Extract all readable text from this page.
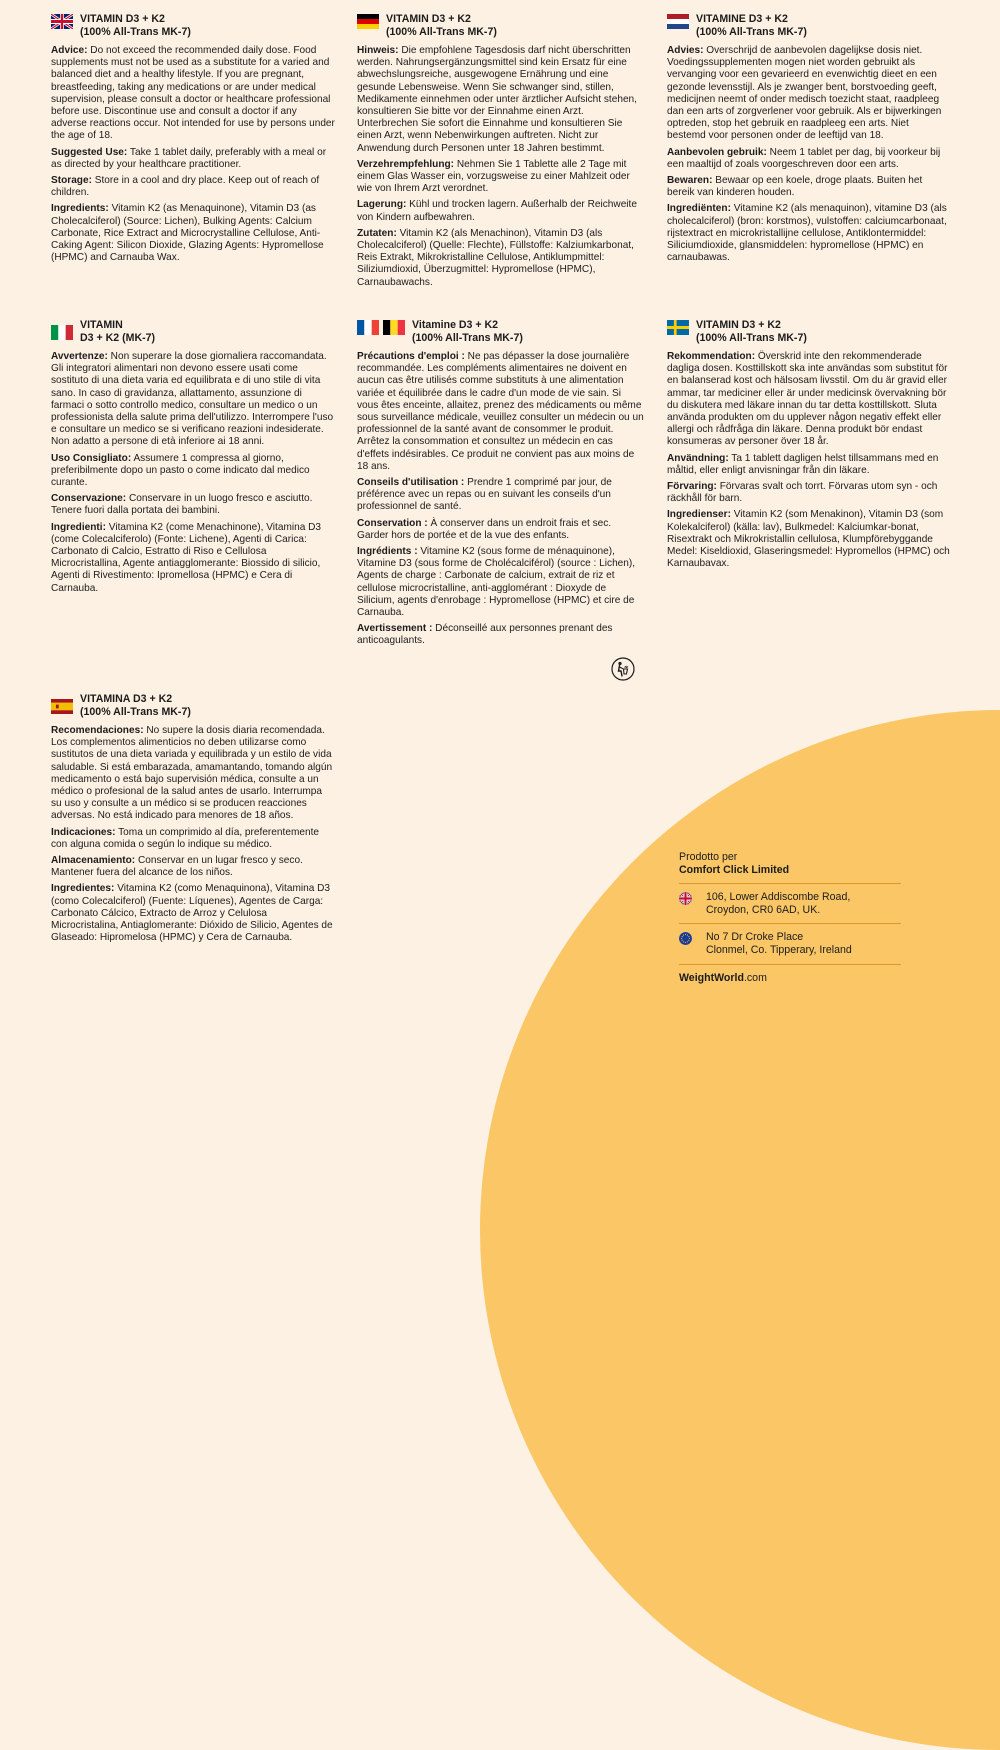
VITAMIN D3 + K2
(100% All-Trans MK-7)
Advice: Do not exceed the recommended daily dose. Food supplements must not be used as a substitute for a varied and balanced diet and a healthy lifestyle. If you are pregnant, breastfeeding, taking any medications or are under medical supervision, please consult a doctor or healthcare professional before use. Discontinue use and consult a doctor if any adverse reactions occur. Not intended for use by persons under the age of 18.
Suggested Use: Take 1 tablet daily, preferably with a meal or as directed by your healthcare practitioner.
Storage: Store in a cool and dry place. Keep out of reach of children.
Ingredients: Vitamin K2 (as Menaquinone), Vitamin D3 (as Cholecalciferol) (Source: Lichen), Bulking Agents: Calcium Carbonate, Rice Extract and Microcrystalline Cellulose, Anti-Caking Agent: Silicon Dioxide, Glazing Agents: Hypromellose (HPMC) and Carnauba Wax.
VITAMIN D3 + K2
(100% All-Trans MK-7)
Hinweis: Die empfohlene Tagesdosis darf nicht überschritten werden. Nahrungsergänzungsmittel sind kein Ersatz für eine abwechslungsreiche, ausgewogene Ernährung und eine gesunde Lebensweise. Wenn Sie schwanger sind, stillen, Medikamente einnehmen oder unter ärztlicher Aufsicht stehen, konsultieren Sie bitte vor der Einnahme einen Arzt. Unterbrechen Sie sofort die Einnahme und konsultieren Sie einen Arzt, wenn Nebenwirkungen auftreten. Nicht zur Anwendung durch Personen unter 18 Jahren bestimmt.
Verzehrempfehlung: Nehmen Sie 1 Tablette alle 2 Tage mit einem Glas Wasser ein, vorzugsweise zu einer Mahlzeit oder wie von Ihrem Arzt verordnet.
Lagerung: Kühl und trocken lagern. Außerhalb der Reichweite von Kindern aufbewahren.
Zutaten: Vitamin K2 (als Menachinon), Vitamin D3 (als Cholecalciferol) (Quelle: Flechte), Füllstoffe: Kalziumkarbonat, Reis Extrakt, Mikrokristalline Cellulose, Antiklumpmittel: Siliziumdioxid, Überzugmittel: Hypromellose (HPMC), Carnaubawachs.
VITAMINE D3 + K2
(100% All-Trans MK-7)
Advies: Overschrijd de aanbevolen dagelijkse dosis niet. Voedingssupplementen mogen niet worden gebruikt als vervanging voor een gevarieerd en evenwichtig dieet en een gezonde levensstijl. Als je zwanger bent, borstvoeding geeft, medicijnen neemt of onder medisch toezicht staat, raadpleeg dan een arts of zorgverlener voor gebruik. Als er bijwerkingen optreden, stop het gebruik en raadpleeg een arts. Niet bestemd voor personen onder de leeftijd van 18.
Aanbevolen gebruik: Neem 1 tablet per dag, bij voorkeur bij een maaltijd of zoals voorgeschreven door een arts.
Bewaren: Bewaar op een koele, droge plaats. Buiten het bereik van kinderen houden.
Ingrediënten: Vitamine K2 (als menaquinon), vitamine D3 (als cholecalciferol) (bron: korstmos), vulstoffen: calciumcarbonaat, rijstextract en microkristallijne cellulose, Antiklontermiddel: Siliciumdioxide, glansmiddelen: hypromellose (HPMC) en carnaubawas.
VITAMIN
D3 + K2 (MK-7)
Avvertenze: Non superare la dose giornaliera raccomandata. Gli integratori alimentari non devono essere usati come sostituto di una dieta varia ed equilibrata e di uno stile di vita sano. In caso di gravidanza, allattamento, assunzione di farmaci o sotto controllo medico, consultare un medico o un professionista della salute prima dell'utilizzo. Interrompere l'uso e consultare un medico se si verificano reazioni indesiderate. Non adatto a persone di età inferiore ai 18 anni.
Uso Consigliato: Assumere 1 compressa al giorno, preferibilmente dopo un pasto o come indicato dal medico curante.
Conservazione: Conservare in un luogo fresco e asciutto. Tenere fuori dalla portata dei bambini.
Ingredienti: Vitamina K2 (come Menachinone), Vitamina D3 (come Colecalciferolo) (Fonte: Lichene), Agenti di Carica: Carbonato di Calcio, Estratto di Riso e Cellulosa Microcristallina, Agente antiagglomerante: Biossido di silicio, Agenti di Rivestimento: Ipromellosa (HPMC) e Cera di Carnauba.
Vitamine D3 + K2
(100% All-Trans MK-7)
Précautions d'emploi : Ne pas dépasser la dose journalière recommandée. Les compléments alimentaires ne doivent en aucun cas être utilisés comme substituts à une alimentation variée et équilibrée dans le cadre d'un mode de vie sain. Si vous êtes enceinte, allaitez, prenez des médicaments ou même sous surveillance médicale, veuillez consulter un médecin ou un professionnel de la santé avant de consommer le produit. Arrêtez la consommation et consultez un médecin en cas d'effets indésirables. Ce produit ne convient pas aux moins de 18 ans.
Conseils d'utilisation : Prendre 1 comprimé par jour, de préférence avec un repas ou en suivant les conseils d'un professionnel de santé.
Conservation : À conserver dans un endroit frais et sec. Garder hors de portée et de la vue des enfants.
Ingrédients : Vitamine K2 (sous forme de ménaquinone), Vitamine D3 (sous forme de Cholécalciférol) (source : Lichen), Agents de charge : Carbonate de calcium, extrait de riz et cellulose microcristalline, anti-agglomérant : Dioxyde de Silicium, agents d'enrobage : Hypromellose (HPMC) et cire de Carnauba.
Avertissement : Déconseillé aux personnes prenant des anticoagulants.
VITAMIN D3 + K2
(100% All-Trans MK-7)
Rekommendation: Överskrid inte den rekommenderade dagliga dosen. Kosttillskott ska inte användas som substitut för en balanserad kost och hälsosam livsstil. Om du är gravid eller ammar, tar mediciner eller är under medicinsk övervakning bör du diskutera med läkare innan du tar detta kosttillskott. Sluta använda produkten om du upplever någon negativ effekt eller allergi och rådfråga din läkare. Denna produkt bör endast konsumeras av personer över 18 år.
Användning: Ta 1 tablett dagligen helst tillsammans med en måltid, eller enligt anvisningar från din läkare.
Förvaring: Förvaras svalt och torrt. Förvaras utom syn - och räckhåll för barn.
Ingredienser: Vitamin K2 (som Menakinon), Vitamin D3 (som Kolekalciferol) (källa: lav), Bulkmedel: Kalciumkar-bonat, Risextrakt och Mikrokristallin cellulosa, Klumpförebyggande Medel: Kiseldioxid, Glaseringsmedel: Hypromellos (HPMC) och Karnaubavax.
VITAMINA D3 + K2
(100% All-Trans MK-7)
Recomendaciones: No supere la dosis diaria recomendada. Los complementos alimenticios no deben utilizarse como sustitutos de una dieta variada y equilibrada y un estilo de vida saludable. Si está embarazada, amamantando, tomando algún medicamento o está bajo supervisión médica, consulte a un médico o profesional de la salud antes de usarlo. Interrumpa su uso y consulte a un médico si se producen reacciones adversas. No está indicado para menores de 18 años.
Indicaciones: Toma un comprimido al día, preferentemente con alguna comida o según lo indique su médico.
Almacenamiento: Conservar en un lugar fresco y seco. Mantener fuera del alcance de los niños.
Ingredientes: Vitamina K2 (como Menaquinona), Vitamina D3 (como Colecalciferol) (Fuente: Líquenes), Agentes de Carga: Carbonato Cálcico, Extracto de Arroz y Celulosa Microcristalina, Antiaglomerante: Dióxido de Silicio, Agentes de Glaseado: Hipromelosa (HPMC) y Cera de Carnauba.
Prodotto per
Comfort Click Limited
106, Lower Addiscombe Road,
Croydon, CR0 6AD, UK.
No 7 Dr Croke Place
Clonmel, Co. Tipperary, Ireland
WeightWorld.com
